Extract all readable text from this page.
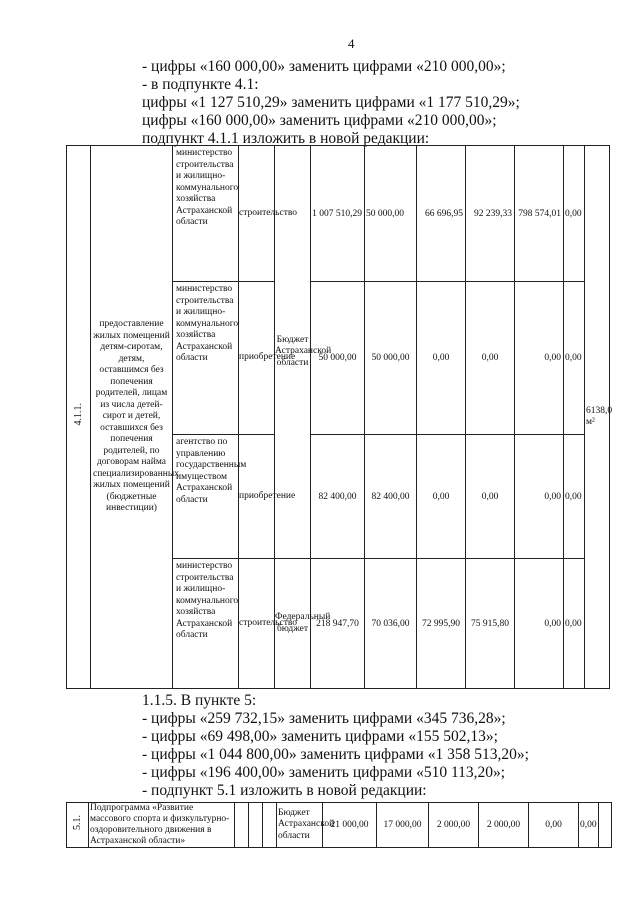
4
- цифры «160 000,00» заменить цифрами «210 000,00»;
- в подпункте 4.1:
цифры «1 127 510,29» заменить цифрами «1 177 510,29»;
цифры «160 000,00» заменить цифрами «210 000,00»;
подпункт 4.1.1 изложить в новой редакции:
4.1.1.	предоставление жилых помещений детям-сиротам, детям, оставшимся без попечения родителей, лицам из числа детей-сирот и детей, оставшихся без попечения родителей, по договорам найма специализированных жилых помещений (бюджетные инвестиции)	министерство строительства и жилищно-коммунального хозяйства Астраханской области	строительство	Бюджет Астраханской области	1 007 510,29	50 000,00	66 696,95	92 239,33	798 574,01	0,00	6138,0 м²
		министерство строительства и жилищно-коммунального хозяйства Астраханской области	приобретение		50 000,00	50 000,00	0,00	0,00	0,00	0,00	
		агентство по управлению государственным имуществом Астраханской области	приобретение		82 400,00	82 400,00	0,00	0,00	0,00	0,00	
		министерство строительства и жилищно-коммунального хозяйства Астраханской области	строительство	Федеральный бюджет	218 947,70	70 036,00	72 995,90	75 915,80	0,00	0,00	
1.1.5. В пункте 5:
- цифры «259 732,15» заменить цифрами «345 736,28»;
- цифры «69 498,00» заменить цифрами «155 502,13»;
- цифры «1 044 800,00» заменить цифрами «1 358 513,20»;
- цифры «196 400,00» заменить цифрами «510 113,20»;
- подпункт 5.1 изложить в новой редакции:
5.1.	Подпрограмма «Развитие массового спорта и физкультурно-оздоровительного движения в Астраханской области»				Бюджет Астраханской области	21 000,00	17 000,00	2 000,00	2 000,00	0,00	0,00	
